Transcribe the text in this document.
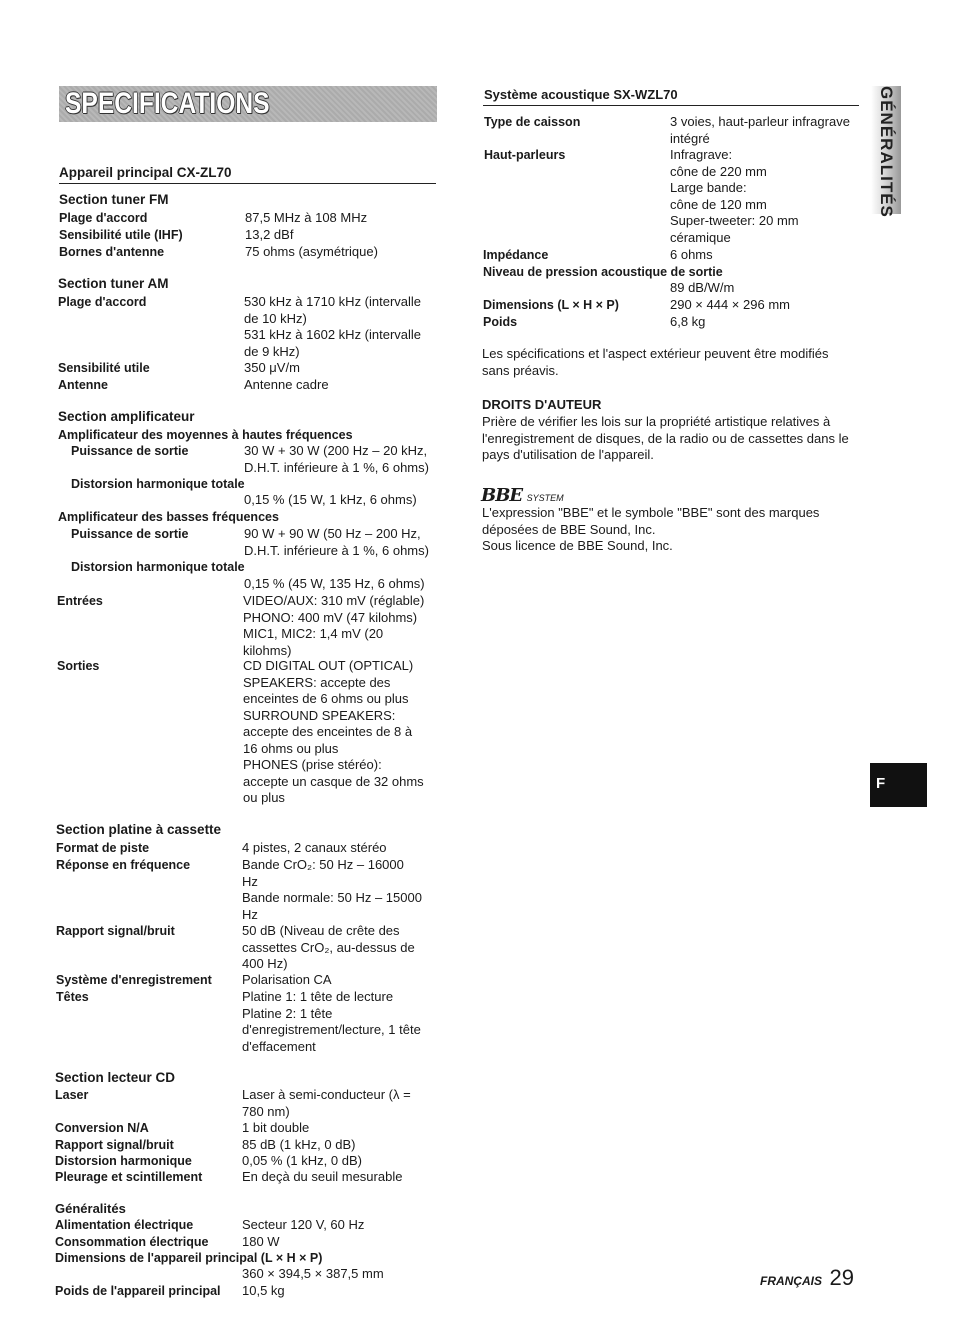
SPECIFICATIONS
Appareil principal CX-ZL70
Section tuner FM
Plage d'accord	87,5 MHz à 108 MHz
Sensibilité utile (IHF)	13,2 dBf
Bornes d'antenne	75 ohms (asymétrique)
Section tuner AM
Plage d'accord	530 kHz à 1710 kHz (intervalle
de 10 kHz)
531 kHz à 1602 kHz (intervalle
de 9 kHz)
Sensibilité utile	350 μV/m
Antenne	Antenne cadre
Section amplificateur
Amplificateur des moyennes à hautes fréquences
Puissance de sortie	30 W + 30 W (200 Hz – 20 kHz,
D.H.T. inférieure à 1 %, 6 ohms)
Distorsion harmonique totale
0,15 % (15 W, 1 kHz, 6 ohms)
Amplificateur des basses fréquences
Puissance de sortie	90 W + 90 W (50 Hz – 200 Hz,
D.H.T. inférieure à 1 %, 6 ohms)
Distorsion harmonique totale
0,15 % (45 W, 135 Hz, 6 ohms)
Entrées	VIDEO/AUX: 310 mV (réglable)
PHONO: 400 mV (47 kilohms)
MIC1, MIC2: 1,4 mV (20
kilohms)
Sorties	CD DIGITAL OUT (OPTICAL)
SPEAKERS: accepte des
enceintes de 6 ohms ou plus
SURROUND SPEAKERS:
accepte des enceintes de 8 à
16 ohms ou plus
PHONES (prise stéréo):
accepte un casque de 32 ohms
ou plus
Section platine à cassette
Format de piste	4 pistes, 2 canaux stéréo
Réponse en fréquence	Bande CrO₂: 50 Hz – 16000
Hz
Bande normale: 50 Hz – 15000
Hz
Rapport signal/bruit	50 dB (Niveau de crête des
cassettes CrO₂, au-dessus de
400 Hz)
Système d'enregistrement Polarisation CA
Têtes	Platine 1: 1 tête de lecture
Platine 2: 1 tête
d'enregistrement/lecture, 1 tête
d'effacement
Section lecteur CD
Laser	Laser à semi-conducteur (λ =
780 nm)
Conversion N/A	1 bit double
Rapport signal/bruit	85 dB (1 kHz, 0 dB)
Distorsion harmonique	0,05 % (1 kHz, 0 dB)
Pleurage et scintillement	En deçà du seuil mesurable
Généralités
Alimentation électrique	Secteur 120 V, 60 Hz
Consommation électrique	180 W
Dimensions de l'appareil principal (L × H × P)
360 × 394,5 × 387,5 mm
Poids de l'appareil principal 10,5 kg
Système acoustique SX-WZL70
Type de caisson	3 voies, haut-parleur infragrave
intégré
Haut-parleurs	Infragrave:
cône de 220 mm
Large bande:
cône de 120 mm
Super-tweeter: 20 mm
céramique
Impédance	6 ohms
Niveau de pression acoustique de sortie
89 dB/W/m
Dimensions (L × H × P)	290 × 444 × 296 mm
Poids	6,8 kg
Les spécifications et l'aspect extérieur peuvent être modifiés
sans préavis.
DROITS D'AUTEUR
Prière de vérifier les lois sur la propriété artistique relatives à
l'enregistrement de disques, de la radio ou de cassettes dans le
pays d'utilisation de l'appareil.
BBE SYSTEM
L'expression "BBE" et le symbole "BBE" sont des marques
déposées de BBE Sound, Inc.
Sous licence de BBE Sound, Inc.
GÉNÉRALITÉS
F
FRANÇAIS 29
